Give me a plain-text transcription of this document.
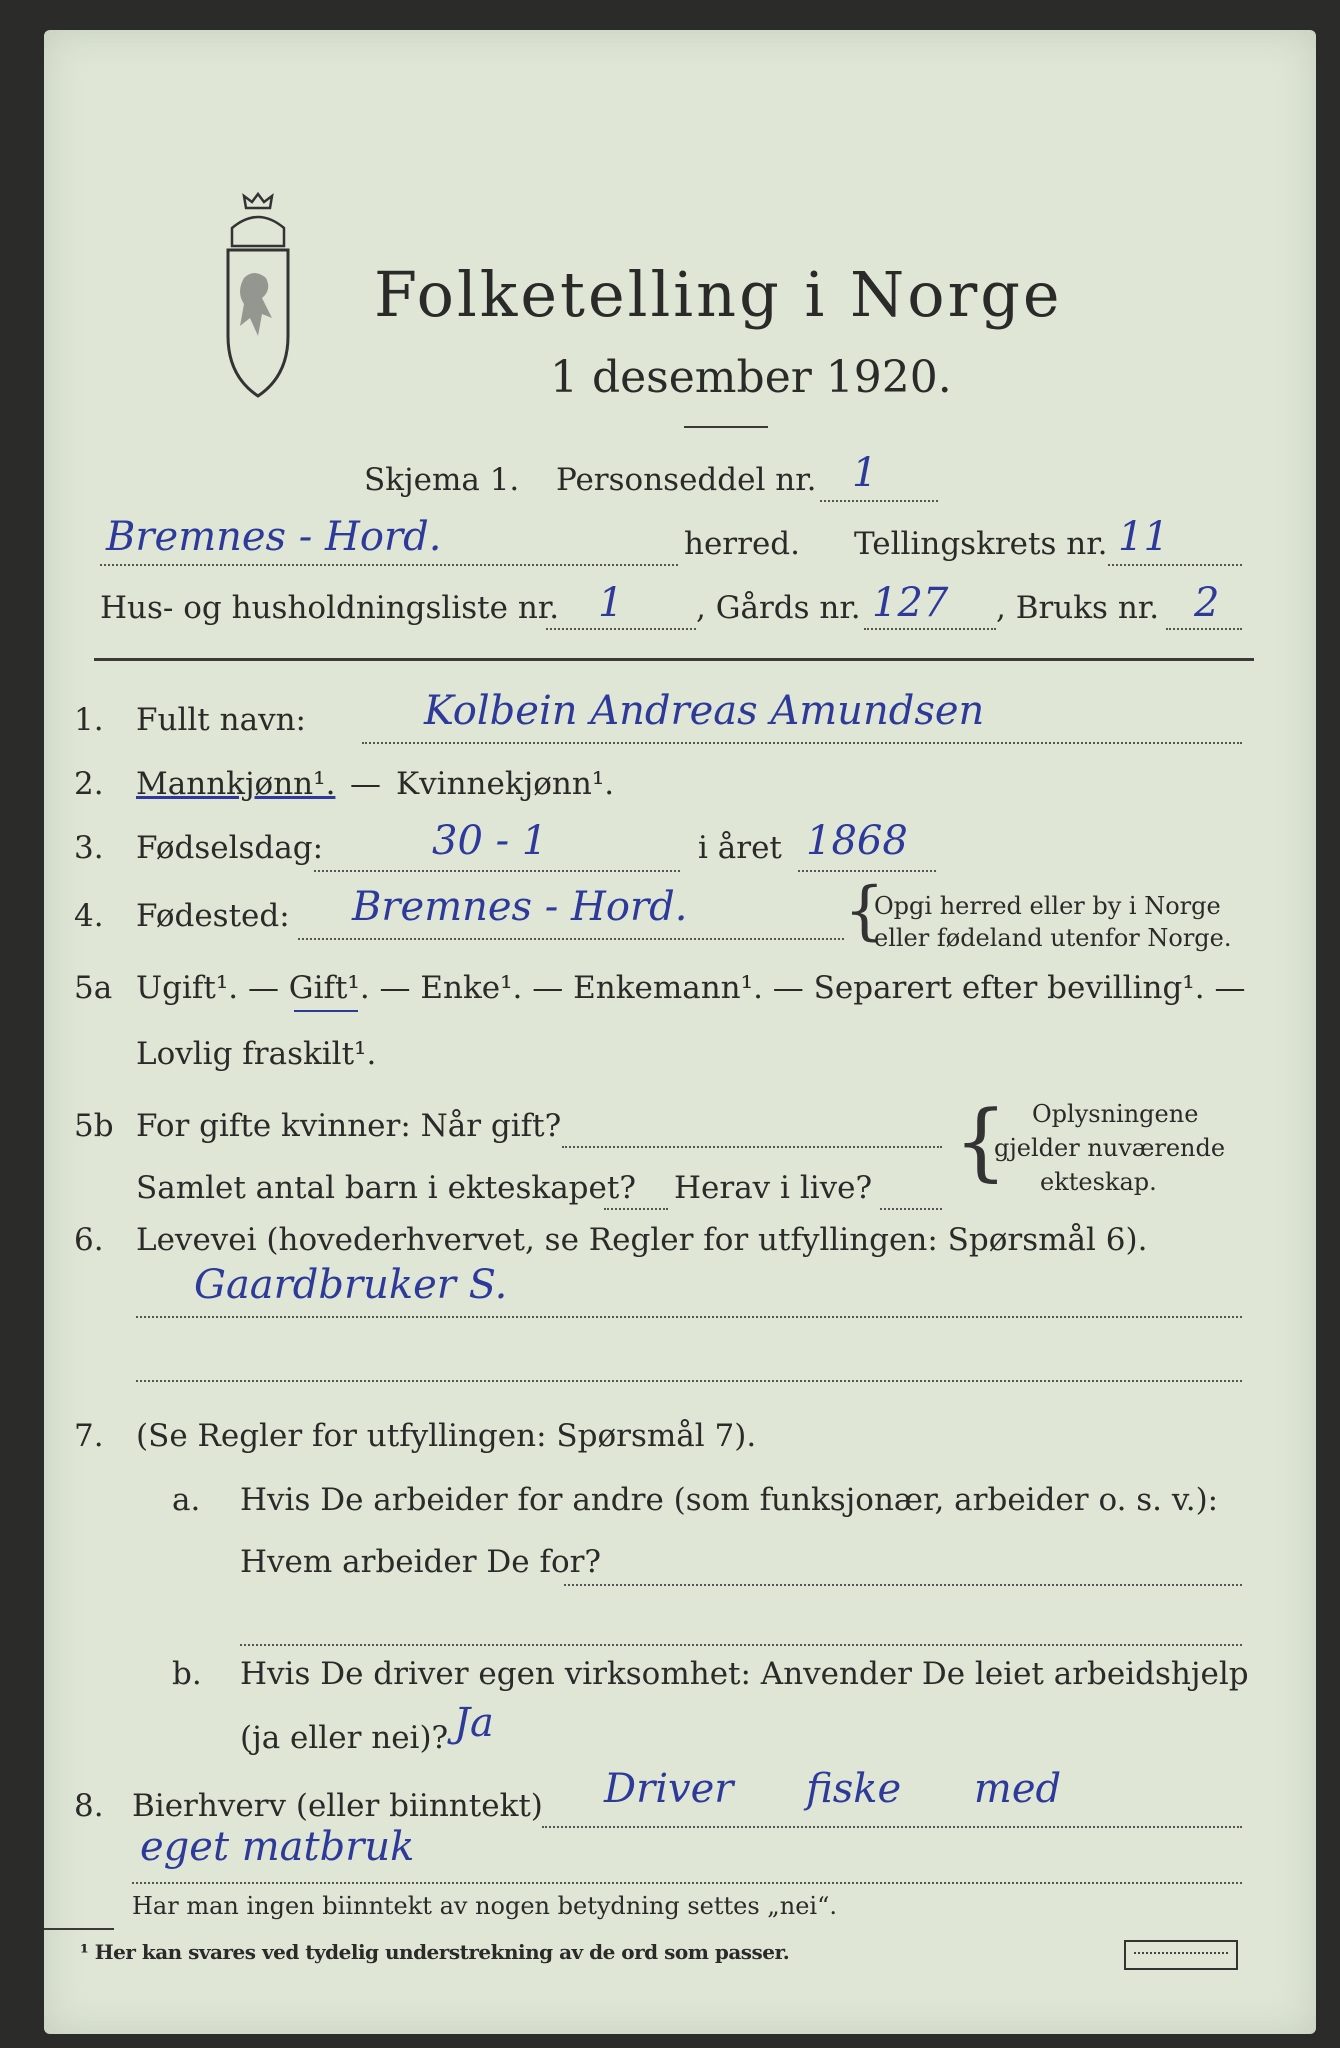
Folketelling i Norge
1 desember 1920.
Skjema 1. Personseddel nr. 1
Bremnes - Hord.	herred. Tellingskrets nr. 11
Hus- og husholdningsliste nr. 1 , Gårds nr. 127 , Bruks nr. 2
1. Fullt navn:	Kolbein Andreas Amundsen
2. Mannkjønn¹. — Kvinnekjønn¹.
3. Fødselsdag:	30 - 1	i året 1868
4. Fødested: Bremnes - Hord. {
Opgi herred eller by i Norge
eller fødeland utenfor Norge.
5a Ugift¹. — Gift¹. — Enke¹. — Enkemann¹. — Separert efter bevilling¹. —
Lovlig fraskilt¹.
5b For gifte kvinner: Når gift?
Samlet antal barn i ekteskapet? Herav i live? { Oplysningene
gjelder nuværende
ekteskap.
6. Levevei (hovederhvervet, se Regler for utfyllingen: Spørsmål 6).
Gaardbruker S.
7. (Se Regler for utfyllingen: Spørsmål 7).
a. Hvis De arbeider for andre (som funksjonær, arbeider o. s. v.):
Hvem arbeider De for?
b. Hvis De driver egen virksomhet: Anvender De leiet arbeidshjelp
(ja eller nei)? Ja
8. Bierhverv (eller biinntekt) Driver fiske med
eget matbruk
Har man ingen biinntekt av nogen betydning settes „nei“.
¹ Her kan svares ved tydelig understrekning av de ord som passer.
